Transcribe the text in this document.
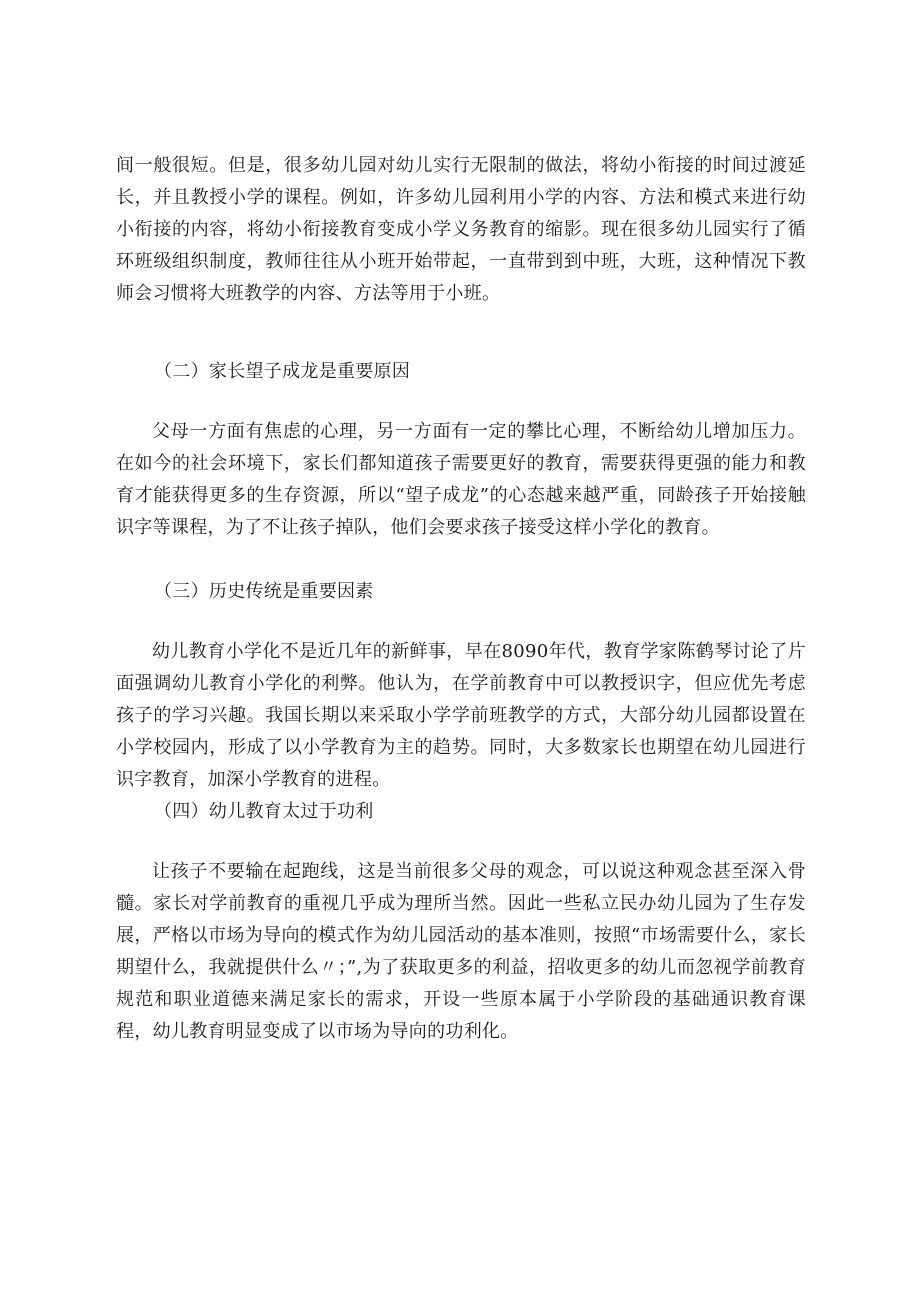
间一般很短。但是，很多幼儿园对幼儿实行无限制的做法，将幼小衔接的时间过渡延长，并且教授小学的课程。例如，许多幼儿园利用小学的内容、方法和模式来进行幼小衔接的内容，将幼小衔接教育变成小学义务教育的缩影。现在很多幼儿园实行了循环班级组织制度，教师往往从小班开始带起，一直带到到中班，大班，这种情况下教师会习惯将大班教学的内容、方法等用于小班。

（二）家长望子成龙是重要原因

父母一方面有焦虑的心理，另一方面有一定的攀比心理，不断给幼儿增加压力。在如今的社会环境下，家长们都知道孩子需要更好的教育，需要获得更强的能力和教育才能获得更多的生存资源，所以“望子成龙”的心态越来越严重，同龄孩子开始接触识字等课程，为了不让孩子掉队，他们会要求孩子接受这样小学化的教育。

（三）历史传统是重要因素

幼儿教育小学化不是近几年的新鲜事，早在8090年代，教育学家陈鹤琴讨论了片面强调幼儿教育小学化的利弊。他认为，在学前教育中可以教授识字，但应优先考虑孩子的学习兴趣。我国长期以来采取小学学前班教学的方式，大部分幼儿园都设置在小学校园内，形成了以小学教育为主的趋势。同时，大多数家长也期望在幼儿园进行识字教育，加深小学教育的进程。

（四）幼儿教育太过于功利

让孩子不要输在起跑线，这是当前很多父母的观念，可以说这种观念甚至深入骨髓。家长对学前教育的重视几乎成为理所当然。因此一些私立民办幼儿园为了生存发展，严格以市场为导向的模式作为幼儿园活动的基本准则，按照“市场需要什么，家长期望什么，我就提供什么〃；”,为了获取更多的利益，招收更多的幼儿而忽视学前教育规范和职业道德来满足家长的需求，开设一些原本属于小学阶段的基础通识教育课程，幼儿教育明显变成了以市场为导向的功利化。
